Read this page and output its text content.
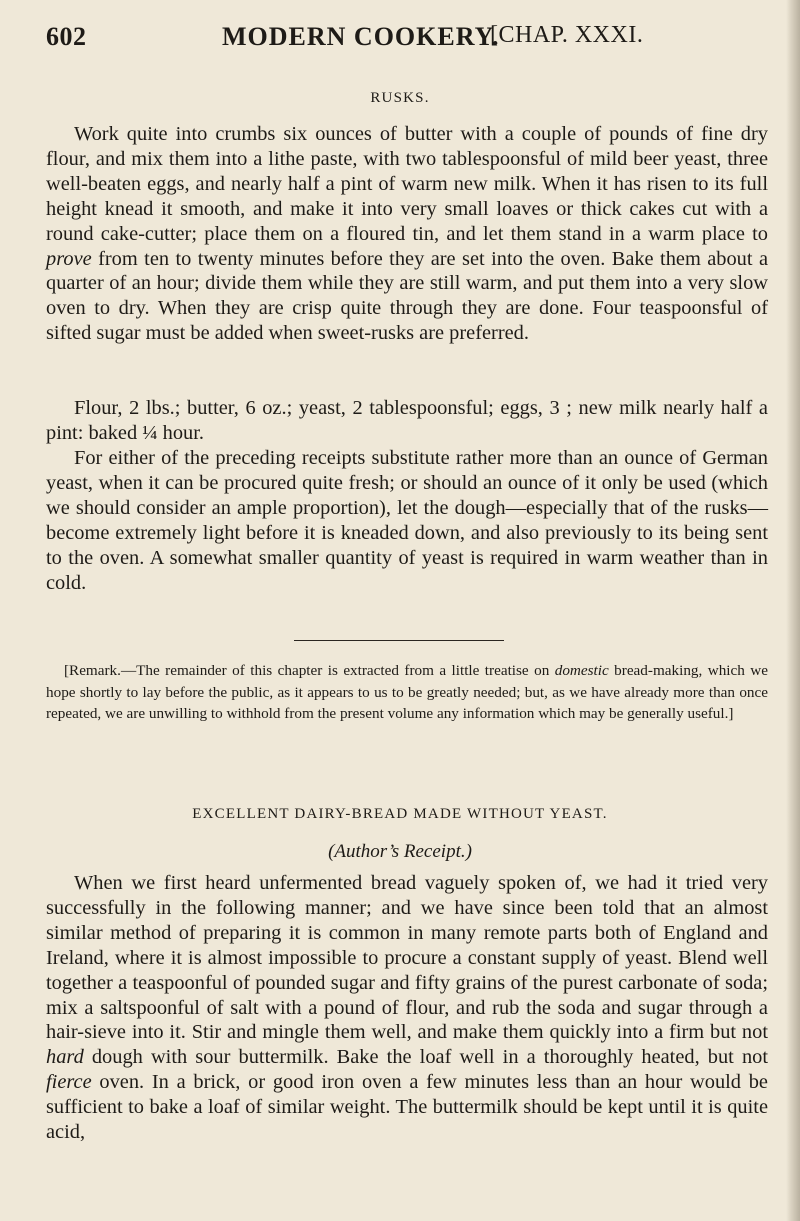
602	MODERN COOKERY.
[CHAP. XXXI.
RUSKS.

Work quite into crumbs six ounces of butter with a couple of pounds of fine dry flour, and mix them into a lithe paste, with two tablespoonsful of mild beer yeast, three well-beaten eggs, and nearly half a pint of warm new milk. When it has risen to its full height knead it smooth, and make it into very small loaves or thick cakes cut with a round cake-cutter; place them on a floured tin, and let them stand in a warm place to prove from ten to twenty minutes before they are set into the oven. Bake them about a quarter of an hour; divide them while they are still warm, and put them into a very slow oven to dry. When they are crisp quite through they are done. Four teaspoonsful of sifted sugar must be added when sweet-rusks are preferred.

Flour, 2 lbs.; butter, 6 oz.; yeast, 2 tablespoonsful; eggs, 3 ; new milk nearly half a pint: baked ¼ hour.

For either of the preceding receipts substitute rather more than an ounce of German yeast, when it can be procured quite fresh; or should an ounce of it only be used (which we should consider an ample proportion), let the dough—especially that of the rusks—become extremely light before it is kneaded down, and also previously to its being sent to the oven. A somewhat smaller quantity of yeast is required in warm weather than in cold.

[Remark.—The remainder of this chapter is extracted from a little treatise on domestic bread-making, which we hope shortly to lay before the public, as it appears to us to be greatly needed; but, as we have already more than once repeated, we are unwilling to withhold from the present volume any information which may be generally useful.]

EXCELLENT DAIRY-BREAD MADE WITHOUT YEAST.
(Author’s Receipt.)

When we first heard unfermented bread vaguely spoken of, we had it tried very successfully in the following manner; and we have since been told that an almost similar method of preparing it is common in many remote parts both of England and Ireland, where it is almost impossible to procure a constant supply of yeast. Blend well together a teaspoonful of pounded sugar and fifty grains of the purest carbonate of soda; mix a saltspoonful of salt with a pound of flour, and rub the soda and sugar through a hair-sieve into it. Stir and mingle them well, and make them quickly into a firm but not hard dough with sour buttermilk. Bake the loaf well in a thoroughly heated, but not fierce oven. In a brick, or good iron oven a few minutes less than an hour would be sufficient to bake a loaf of similar weight. The buttermilk should be kept until it is quite acid,
